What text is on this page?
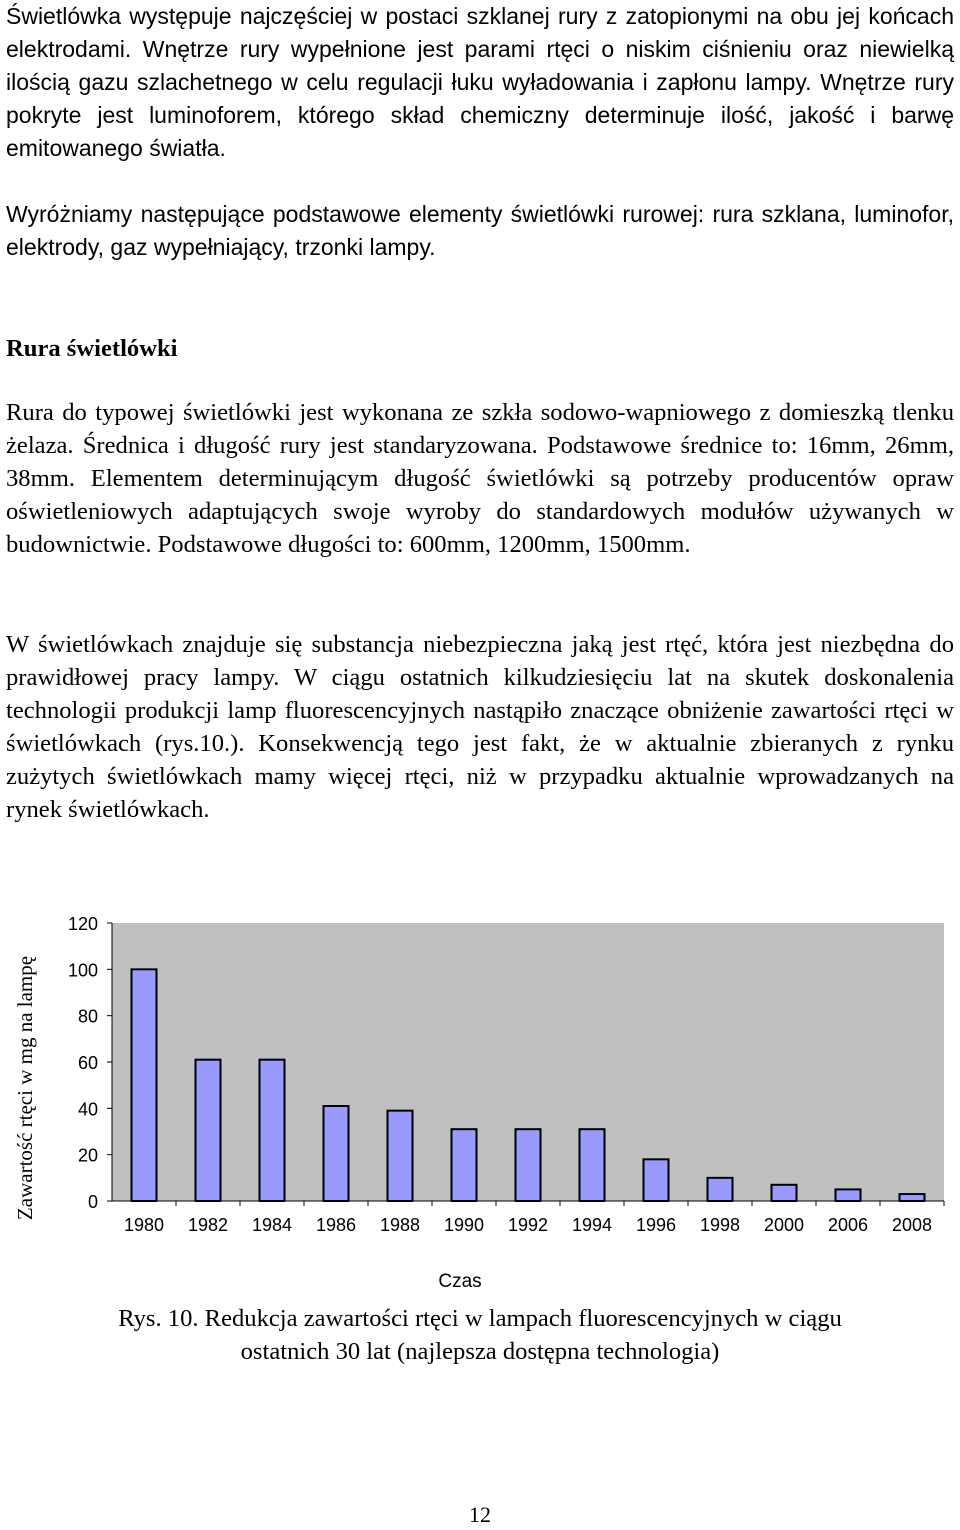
Świetlówka występuje najczęściej w postaci szklanej rury z zatopionymi na obu jej końcach elektrodami. Wnętrze rury wypełnione jest parami rtęci o niskim ciśnieniu oraz niewielką ilością gazu szlachetnego w celu regulacji łuku wyładowania i zapłonu lampy. Wnętrze rury pokryte jest luminoforem, którego skład chemiczny determinuje ilość, jakość i barwę emitowanego światła.

Wyróżniamy następujące podstawowe elementy świetlówki rurowej: rura szklana, luminofor, elektrody, gaz wypełniający, trzonki lampy.

Rura świetlówki

Rura do typowej świetlówki jest wykonana ze szkła sodowo-wapniowego z domieszką tlenku żelaza. Średnica i długość rury jest standaryzowana. Podstawowe średnice to: 16mm, 26mm, 38mm. Elementem determinującym długość świetlówki są potrzeby producentów opraw oświetleniowych adaptujących swoje wyroby do standardowych modułów używanych w budownictwie. Podstawowe długości to: 600mm, 1200mm, 1500mm.

W świetlówkach znajduje się substancja niebezpieczna jaką jest rtęć, która jest niezbędna do prawidłowej pracy lampy. W ciągu ostatnich kilkudziesięciu lat na skutek doskonalenia technologii produkcji lamp fluorescencyjnych nastąpiło znaczące obniżenie zawartości rtęci w świetlówkach (rys.10.). Konsekwencją tego jest fakt, że w aktualnie zbieranych z rynku zużytych świetlówkach mamy więcej rtęci, niż w przypadku aktualnie wprowadzanych na rynek świetlówkach.

0
20
40
60
80
100
120
1980 1982 1984 1986 1988 1990 1992 1994 1996 1998 2000 2006 2008
Czas
Zawartość rtęci w mg na lampę

Rys. 10. Redukcja zawartości rtęci w lampach fluorescencyjnych w ciągu
ostatnich 30 lat (najlepsza dostępna technologia)

12
